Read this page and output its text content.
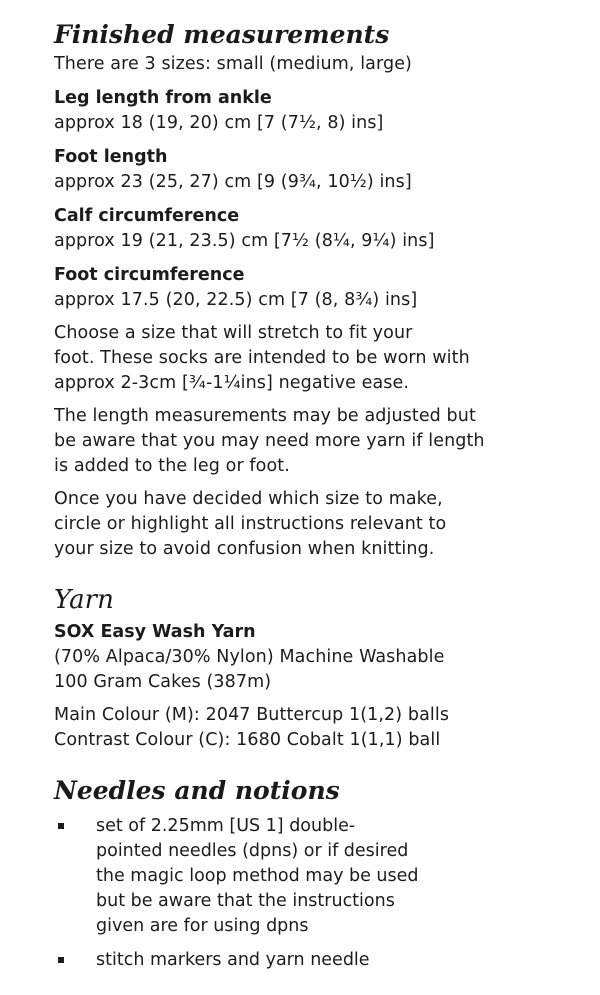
Finished measurements

There are 3 sizes: small (medium, large)

Leg length from ankle

approx 18 (19, 20) cm [7 (7½, 8) ins]

Foot length

approx 23 (25, 27) cm [9 (9¾, 10½) ins]

Calf circumference

approx 19 (21, 23.5) cm [7½ (8¼, 9¼) ins]

Foot circumference

approx 17.5 (20, 22.5) cm [7 (8, 8¾) ins]

Choose a size that will stretch to fit your

foot. These socks are intended to be worn with

approx 2-3cm [¾-1¼ins] negative ease.

The length measurements may be adjusted but

be aware that you may need more yarn if length

is added to the leg or foot.

Once you have decided which size to make,

circle or highlight all instructions relevant to

your size to avoid confusion when knitting.

Yarn

SOX Easy Wash Yarn

(70% Alpaca/30% Nylon) Machine Washable

100 Gram Cakes (387m)

Main Colour (M): 2047 Buttercup 1(1,2) balls

Contrast Colour (C): 1680 Cobalt 1(1,1) ball

Needles and notions
set of 2.25mm [US 1] double-
pointed needles (dpns) or if desired
the magic loop method may be used
but be aware that the instructions
given are for using dpns
stitch markers and yarn needle
